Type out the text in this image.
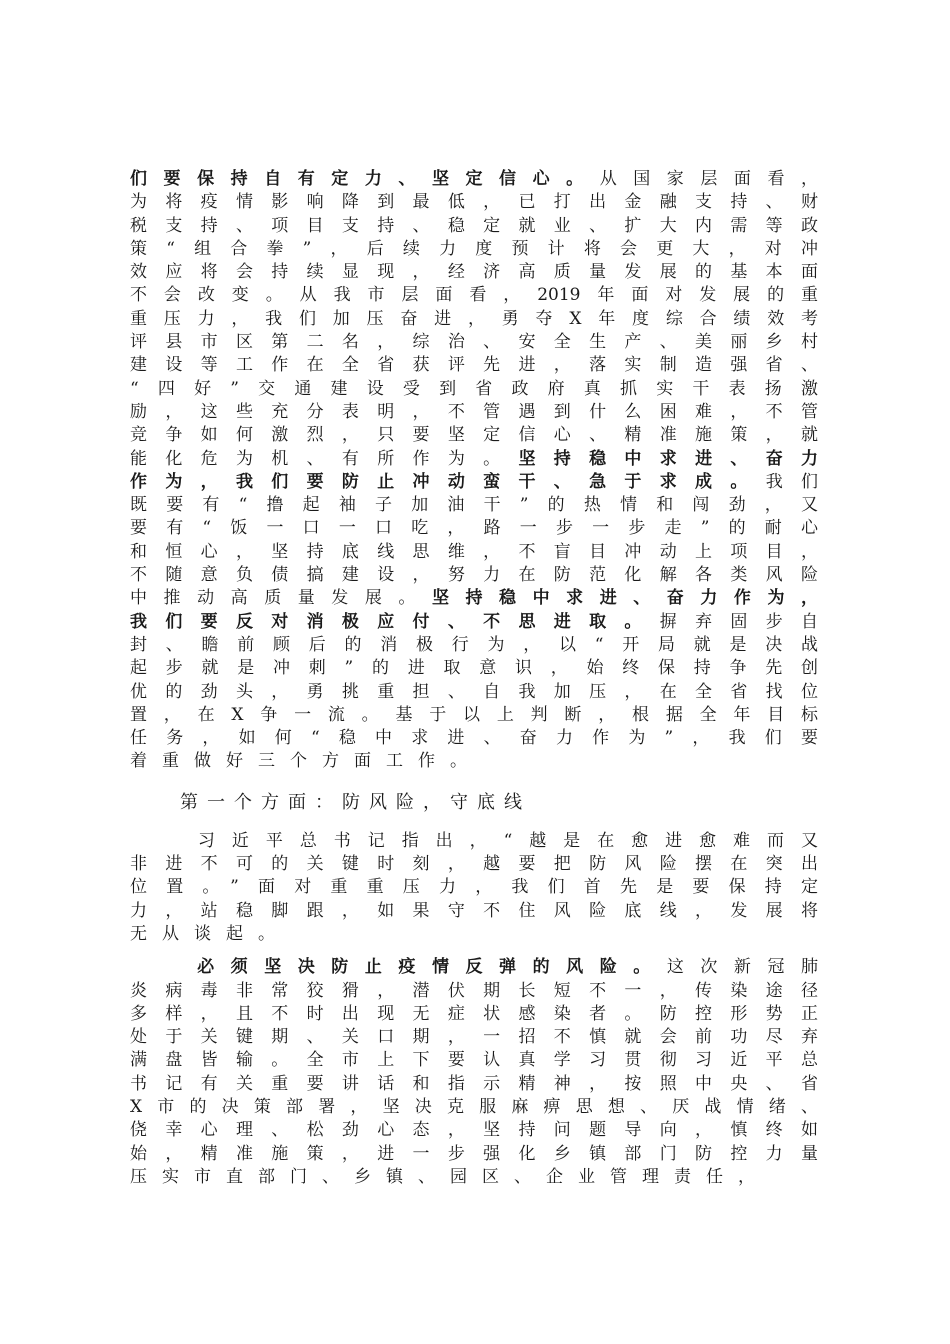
们要保持自有定力、坚定信心。从国家层面看，

为将疫情影响降到最低，已打出金融支持、财

税支持、项目支持、稳定就业、扩大内需等政

策“组合拳”，后续力度预计将会更大，对冲

效应将会持续显现，经济高质量发展的基本面

不会改变。从我市层面看，2019年面对发展的重

重压力，我们加压奋进，勇夺X年度综合绩效考

评县市区第二名，综治、安全生产、美丽乡村

建设等工作在全省获评先进，落实制造强省、

“四好”交通建设受到省政府真抓实干表扬激

励，这些充分表明，不管遇到什么困难，不管

竞争如何激烈，只要坚定信心、精准施策，就

能化危为机、有所作为。坚持稳中求进、奋力

作为，我们要防止冲动蛮干、急于求成。我们

既要有“撸起袖子加油干”的热情和闯劲，又

要有“饭一口一口吃，路一步一步走”的耐心

和恒心，坚持底线思维，不盲目冲动上项目，

不随意负债搞建设，努力在防范化解各类风险

中推动高质量发展。坚持稳中求进、奋力作为，

我们要反对消极应付、不思进取。摒弃固步自

封、瞻前顾后的消极行为，以“开局就是决战

起步就是冲刺”的进取意识，始终保持争先创

优的劲头，勇挑重担、自我加压，在全省找位

置，在X争一流。基于以上判断，根据全年目标

任务，如何“稳中求进、奋力作为”，我们要

着重做好三个方面工作。

第一个方面：防风险，守底线

　　习近平总书记指出，“越是在愈进愈难而又

非进不可的关键时刻，越要把防风险摆在突出

位置。”面对重重压力，我们首先是要保持定

力，站稳脚跟，如果守不住风险底线，发展将

无从谈起。

　　必须坚决防止疫情反弹的风险。这次新冠肺

炎病毒非常狡猾，潜伏期长短不一，传染途径

多样，且不时出现无症状感染者。防控形势正

处于关键期、关口期，一招不慎就会前功尽弃

满盘皆输。全市上下要认真学习贯彻习近平总

书记有关重要讲话和指示精神，按照中央、省

X市的决策部署，坚决克服麻痹思想、厌战情绪、

侥幸心理、松劲心态，坚持问题导向，慎终如

始，精准施策，进一步强化乡镇部门防控力量

压实市直部门、乡镇、园区、企业管理责任，
